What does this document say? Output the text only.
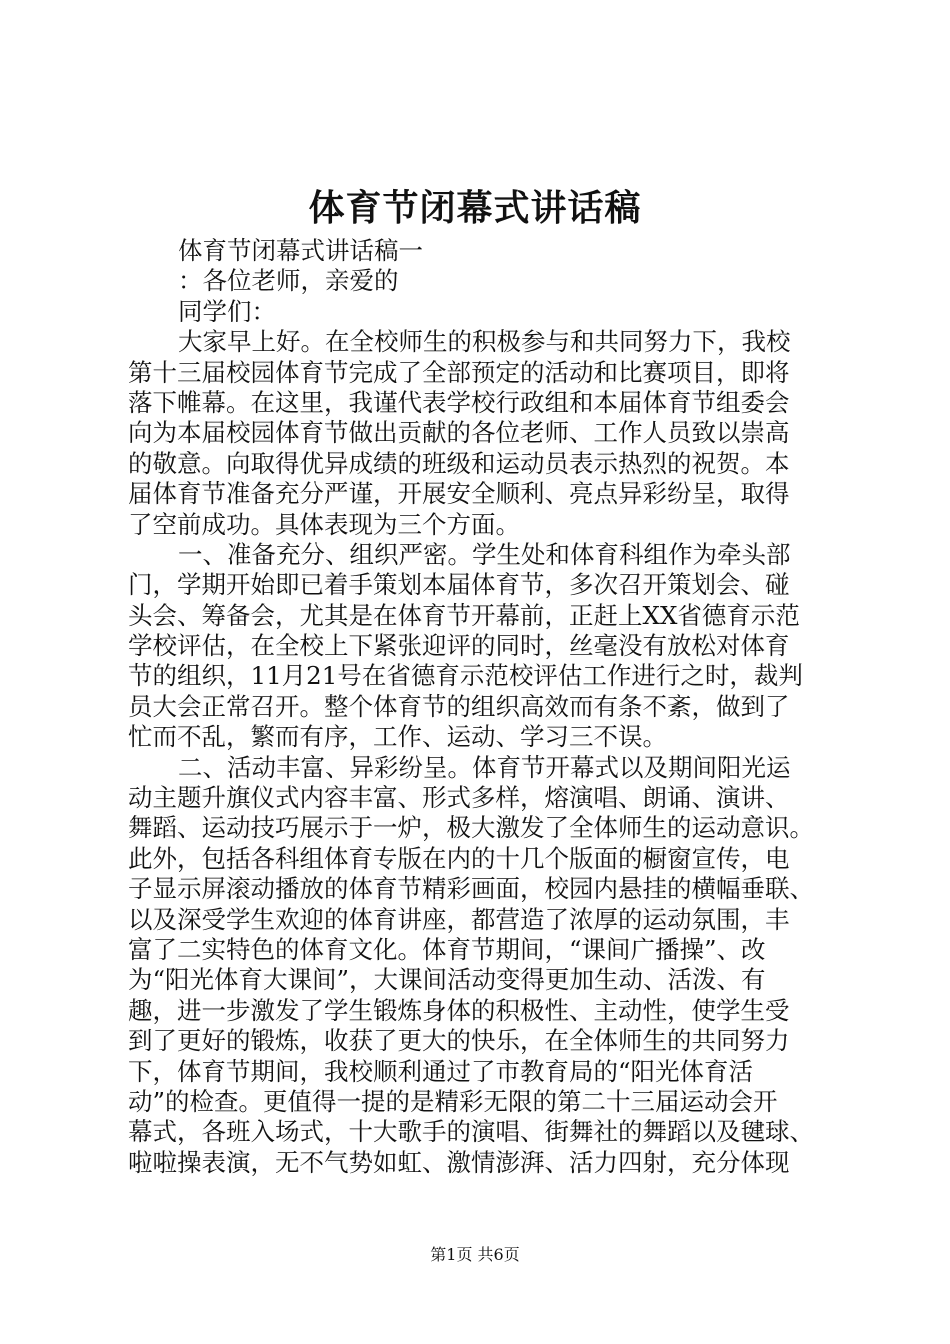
体育节闭幕式讲话稿
体育节闭幕式讲话稿一
：各位老师，亲爱的
同学们：
大家早上好。在全校师生的积极参与和共同努力下，我校
第十三届校园体育节完成了全部预定的活动和比赛项目，即将
落下帷幕。在这里，我谨代表学校行政组和本届体育节组委会
向为本届校园体育节做出贡献的各位老师、工作人员致以崇高
的敬意。向取得优异成绩的班级和运动员表示热烈的祝贺。本
届体育节准备充分严谨，开展安全顺利、亮点异彩纷呈，取得
了空前成功。具体表现为三个方面。
一、准备充分、组织严密。学生处和体育科组作为牵头部
门，学期开始即已着手策划本届体育节，多次召开策划会、碰
头会、筹备会，尤其是在体育节开幕前，正赶上XX省德育示范
学校评估，在全校上下紧张迎评的同时，丝毫没有放松对体育
节的组织，11月21号在省德育示范校评估工作进行之时，裁判
员大会正常召开。整个体育节的组织高效而有条不紊，做到了
忙而不乱，繁而有序，工作、运动、学习三不误。
二、活动丰富、异彩纷呈。体育节开幕式以及期间阳光运
动主题升旗仪式内容丰富、形式多样，熔演唱、朗诵、演讲、
舞蹈、运动技巧展示于一炉，极大激发了全体师生的运动意识。
此外，包括各科组体育专版在内的十几个版面的橱窗宣传，电
子显示屏滚动播放的体育节精彩画面，校园内悬挂的横幅垂联、
以及深受学生欢迎的体育讲座，都营造了浓厚的运动氛围，丰
富了二实特色的体育文化。体育节期间，“课间广播操”、改
为“阳光体育大课间”，大课间活动变得更加生动、活泼、有
趣，进一步激发了学生锻炼身体的积极性、主动性，使学生受
到了更好的锻炼，收获了更大的快乐，在全体师生的共同努力
下，体育节期间，我校顺利通过了市教育局的“阳光体育活
动”的检查。更值得一提的是精彩无限的第二十三届运动会开
幕式，各班入场式，十大歌手的演唱、街舞社的舞蹈以及毽球、
啦啦操表演，无不气势如虹、激情澎湃、活力四射，充分体现
第1页 共6页
